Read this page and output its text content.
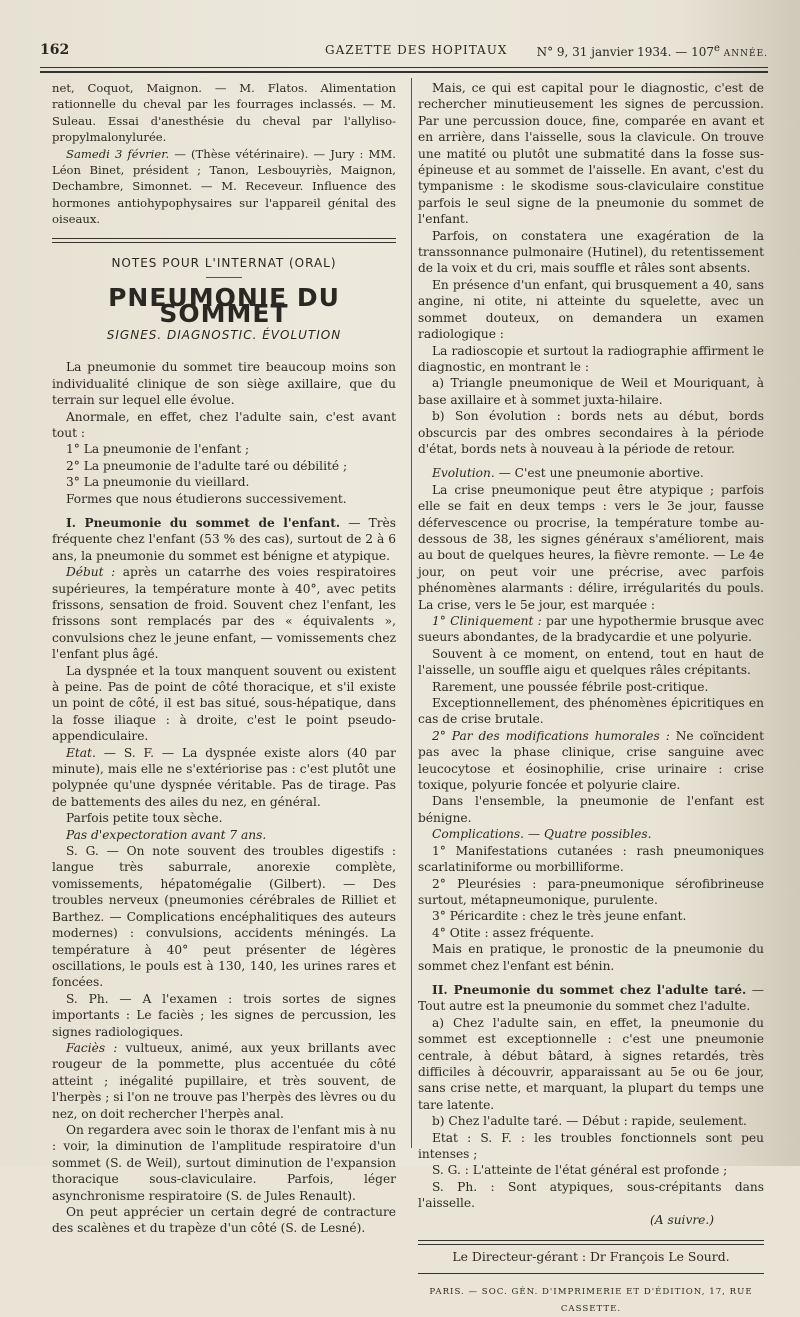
162	GAZETTE DES HOPITAUX N° 9, 31 janvier 1934. — 107e ANNÉE.

net, Coquot, Maignon. — M. Flatos. Alimentation rationnelle du cheval par les fourrages inclassés. — M. Suleau. Essai d'anesthésie du cheval par l'allyliso-propylmalonylurée.

Samedi 3 février. — (Thèse vétérinaire). — Jury : MM. Léon Binet, président ; Tanon, Lesbouyriès, Maignon, Dechambre, Simonnet. — M. Receveur. Influence des hormones antiohypophysaires sur l'appareil génital des oiseaux.

NOTES POUR L'INTERNAT (ORAL)
PNEUMONIE DU SOMMET
SIGNES. DIAGNOSTIC. ÉVOLUTION

La pneumonie du sommet tire beaucoup moins son individualité clinique de son siège axillaire, que du terrain sur lequel elle évolue.

Anormale, en effet, chez l'adulte sain, c'est avant tout :

1° La pneumonie de l'enfant ;

2° La pneumonie de l'adulte taré ou débilité ;

3° La pneumonie du vieillard.

Formes que nous étudierons successivement.

I. Pneumonie du sommet de l'enfant. — Très fréquente chez l'enfant (53 % des cas), surtout de 2 à 6 ans, la pneumonie du sommet est bénigne et atypique.

Début : après un catarrhe des voies respiratoires supérieures, la température monte à 40°, avec petits frissons, sensation de froid. Souvent chez l'enfant, les frissons sont remplacés par des « équivalents », convulsions chez le jeune enfant, — vomissements chez l'enfant plus âgé.

La dyspnée et la toux manquent souvent ou existent à peine. Pas de point de côté thoracique, et s'il existe un point de côté, il est bas situé, sous-hépatique, dans la fosse iliaque : à droite, c'est le point pseudo-appendiculaire.

Etat. — S. F. — La dyspnée existe alors (40 par minute), mais elle ne s'extériorise pas : c'est plutôt une polypnée qu'une dyspnée véritable. Pas de tirage. Pas de battements des ailes du nez, en général.

Parfois petite toux sèche.

Pas d'expectoration avant 7 ans.

S. G. — On note souvent des troubles digestifs : langue très saburrale, anorexie complète, vomissements, hépatomégalie (Gilbert). — Des troubles nerveux (pneumonies cérébrales de Rilliet et Barthez. — Complications encéphalitiques des auteurs modernes) : convulsions, accidents méningés. La température à 40° peut présenter de légères oscillations, le pouls est à 130, 140, les urines rares et foncées.

S. Ph. — A l'examen : trois sortes de signes importants : Le faciès ; les signes de percussion, les signes radiologiques.

Faciès : vultueux, animé, aux yeux brillants avec rougeur de la pommette, plus accentuée du côté atteint ; inégalité pupillaire, et très souvent, de l'herpès ; si l'on ne trouve pas l'herpès des lèvres ou du nez, on doit rechercher l'herpès anal.

On regardera avec soin le thorax de l'enfant mis à nu : voir, la diminution de l'amplitude respiratoire d'un sommet (S. de Weil), surtout diminution de l'expansion thoracique sous-claviculaire. Parfois, léger asynchronisme respiratoire (S. de Jules Renault).

On peut apprécier un certain degré de contracture des scalènes et du trapèze d'un côté (S. de Lesné).

Mais, ce qui est capital pour le diagnostic, c'est de rechercher minutieusement les signes de percussion. Par une percussion douce, fine, comparée en avant et en arrière, dans l'aisselle, sous la clavicule. On trouve une matité ou plutôt une submatité dans la fosse sus-épineuse et au sommet de l'aisselle. En avant, c'est du tympanisme : le skodisme sous-claviculaire constitue parfois le seul signe de la pneumonie du sommet de l'enfant.

Parfois, on constatera une exagération de la transsonnance pulmonaire (Hutinel), du retentissement de la voix et du cri, mais souffle et râles sont absents.

En présence d'un enfant, qui brusquement a 40, sans angine, ni otite, ni atteinte du squelette, avec un sommet douteux, on demandera un examen radiologique :

La radioscopie et surtout la radiographie affirment le diagnostic, en montrant le :

a) Triangle pneumonique de Weil et Mouriquant, à base axillaire et à sommet juxta-hilaire.

b) Son évolution : bords nets au début, bords obscurcis par des ombres secondaires à la période d'état, bords nets à nouveau à la période de retour.

Evolution. — C'est une pneumonie abortive.

La crise pneumonique peut être atypique ; parfois elle se fait en deux temps : vers le 3e jour, fausse défervescence ou procrise, la température tombe au-dessous de 38, les signes généraux s'améliorent, mais au bout de quelques heures, la fièvre remonte. — Le 4e jour, on peut voir une précrise, avec parfois phénomènes alarmants : délire, irrégularités du pouls. La crise, vers le 5e jour, est marquée :

1° Cliniquement : par une hypothermie brusque avec sueurs abondantes, de la bradycardie et une polyurie.

Souvent à ce moment, on entend, tout en haut de l'aisselle, un souffle aigu et quelques râles crépitants.

Rarement, une poussée fébrile post-critique.

Exceptionnellement, des phénomènes épicritiques en cas de crise brutale.

2° Par des modifications humorales : Ne coïncident pas avec la phase clinique, crise sanguine avec leucocytose et éosinophilie, crise urinaire : crise toxique, polyurie foncée et polyurie claire.

Dans l'ensemble, la pneumonie de l'enfant est bénigne.

Complications. — Quatre possibles.

1° Manifestations cutanées : rash pneumoniques scarlatiniforme ou morbilliforme.

2° Pleurésies : para-pneumonique sérofibrineuse surtout, métapneumonique, purulente.

3° Péricardite : chez le très jeune enfant.

4° Otite : assez fréquente.

Mais en pratique, le pronostic de la pneumonie du sommet chez l'enfant est bénin.

II. Pneumonie du sommet chez l'adulte taré. — Tout autre est la pneumonie du sommet chez l'adulte.

a) Chez l'adulte sain, en effet, la pneumonie du sommet est exceptionnelle : c'est une pneumonie centrale, à début bâtard, à signes retardés, très difficiles à découvrir, apparaissant au 5e ou 6e jour, sans crise nette, et marquant, la plupart du temps une tare latente.

b) Chez l'adulte taré. — Début : rapide, seulement.

Etat : S. F. : les troubles fonctionnels sont peu intenses ;

S. G. : L'atteinte de l'état général est profonde ;

S. Ph. : Sont atypiques, sous-crépitants dans l'aisselle.

(A suivre.)

Le Directeur-gérant : Dr François Le Sourd.
PARIS. — SOC. GÉN. D'IMPRIMERIE ET D'ÉDITION, 17, RUE CASSETTE.
